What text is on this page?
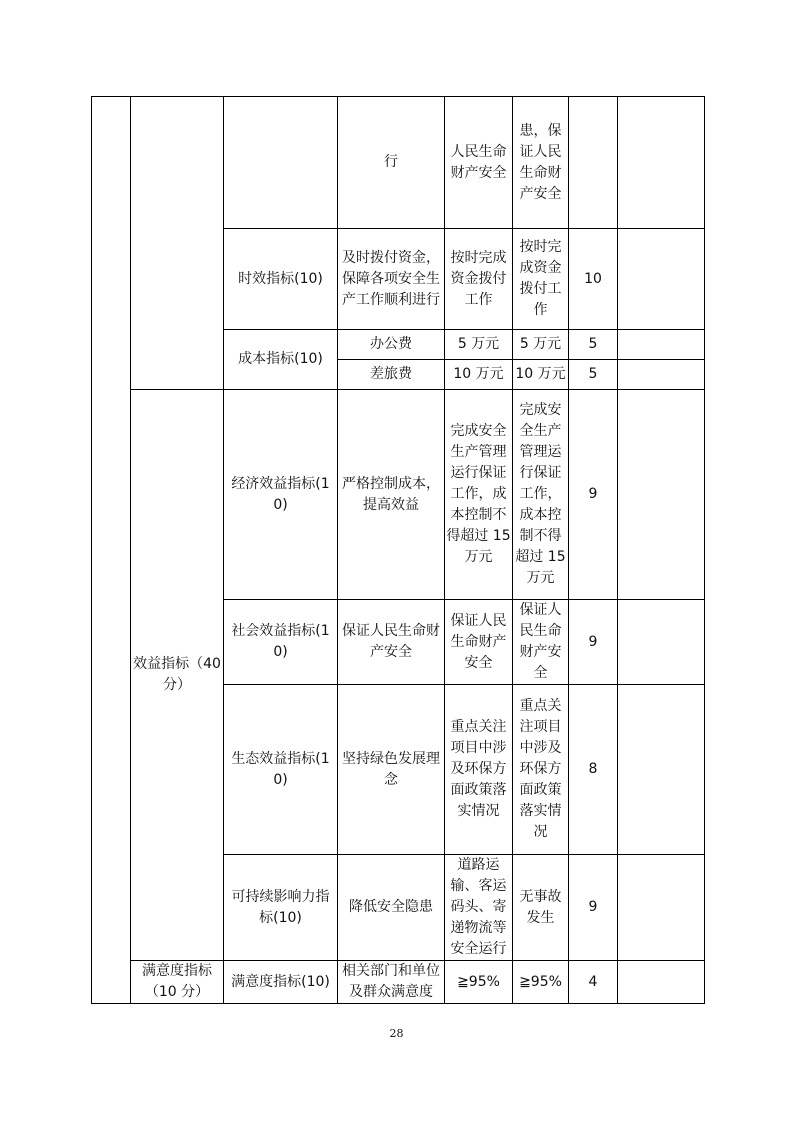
			行	人民生命财产安全	患，保证人民生命财产安全		
		时效指标(10)	及时拨付资金，保障各项安全生产工作顺利进行	按时完成资金拨付工作	按时完成资金拨付工作	10	
		成本指标(10)	办公费	5 万元	5 万元	5	
			差旅费	10 万元	10 万元	5	
	效益指标（40 分）	经济效益指标(10)	严格控制成本，提高效益	完成安全生产管理运行保证工作，成本控制不得超过 15 万元	完成安全生产管理运行保证工作，成本控制不得超过 15 万元	9	
		社会效益指标(10)	保证人民生命财产安全	保证人民生命财产安全	保证人民生命财产安全	9	
		生态效益指标(10)	坚持绿色发展理念	重点关注项目中涉及环保方面政策落实情况	重点关注项目中涉及环保方面政策落实情况	8	
		可持续影响力指标(10)	降低安全隐患	道路运输、客运码头、寄递物流等安全运行	无事故发生	9	
	满意度指标（10 分）	满意度指标(10)	相关部门和单位及群众满意度	≧95%	≧95%	4	
28
